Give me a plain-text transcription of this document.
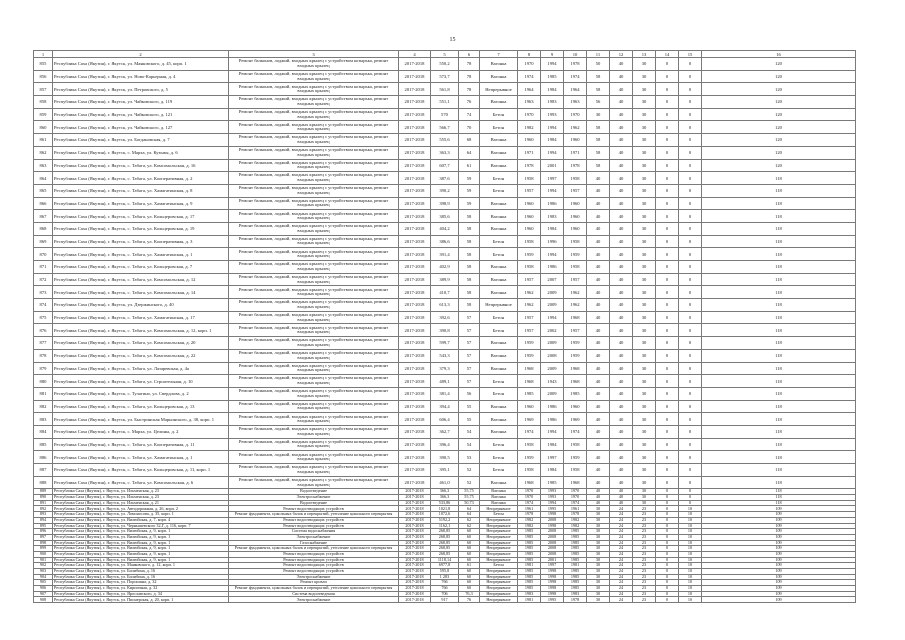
15
1	2	3	4	5	6	7	8	9	10	11	12	13	14	15	16
855	Республика Саха (Якутия), г. Якутск, ул. Маяковского, д. 45, корп. 1	Ремонт балконов, лоджий, входных крылец с устройством козырька, ремонт входных крылец	2017-2018	550,2	78	Вагонка	1970	1994	1978	50	40	30	0	0	120
856	Республика Саха (Якутия), г. Якутск, ул. Ново-Карьерная, д. 4	Ремонт балконов, лоджий, входных крылец с устройством козырька, ремонт входных крылец	2017-2018	573,7	78	Вагонка	1974	1985	1974	58	40	30	0	0	120
857	Республика Саха (Якутия), г. Якутск, ул. Петровского, д. 5	Ремонт балконов, лоджий, входных крылец с устройством козырька, ремонт входных крылец	2017-2018	561,8	78	Непрерывное	1964	1984	1964	58	40	30	0	0	120
858	Республика Саха (Якутия), г. Якутск, ул. Чайковского, д. 119	Ремонт балконов, лоджий, входных крылец с устройством козырька, ремонт входных крылец	2017-2018	551,1	76	Вагонка	1963	1983	1963	56	40	30	0	0	120
859	Республика Саха (Якутия), г. Якутск, ул. Чайковского, д. 121	Ремонт балконов, лоджий, входных крылец с устройством козырька, ремонт входных крылец	2017-2018	570	74	Бетон	1970	1993	1970	30	40	30	0	0	120
860	Республика Саха (Якутия), г. Якутск, ул. Чайковского, д. 127	Ремонт балконов, лоджий, входных крылец с устройством козырька, ремонт входных крылец	2017-2018	566,7	70	Бетон	1982	1994	1962	58	40	30	0	0	120
861	Республика Саха (Якутия), г. Якутск, ул. Богдановская, д. 7	Ремонт балконов, лоджий, входных крылец с устройством козырька, ремонт входных крылец	2017-2018	555,6	68	Вагонка	1960	1984	1960	58	40	30	0	0	120
862	Республика Саха (Якутия), г. Якутск, с. Марха, ул. Кузьмы, д. 6	Ремонт балконов, лоджий, входных крылец с устройством козырька, ремонт входных крылец	2017-2018	363,3	64	Вагонка	1971	1994	1971	58	40	30	0	0	120
863	Республика Саха (Якутия), г. Якутск, с. Табага, ул. Комсомольская, д. 16	Ремонт балконов, лоджий, входных крылец с устройством козырька, ремонт входных крылец	2017-2018	607,7	61	Вагонка	1978	2001	1978	58	40	30	0	0	120
864	Республика Саха (Якутия), г. Якутск, с. Табага, ул. Кооперативная, д. 2	Ремонт балконов, лоджий, входных крылец с устройством козырька, ремонт входных крылец	2017-2018	387,6	59	Бетон	1958	1997	1958	40	40	30	0	0	118
865	Республика Саха (Якутия), г. Якутск, с. Табага, ул. Хамагатинская, д. 8	Ремонт балконов, лоджий, входных крылец с устройством козырька, ремонт входных крылец	2017-2018	390,2	59	Бетон	1957	1994	1957	40	40	30	0	0	118
866	Республика Саха (Якутия), г. Якутск, с. Табага, ул. Хамагатинская, д. 9	Ремонт балконов, лоджий, входных крылец с устройством козырька, ремонт входных крылец	2017-2018	398,9	59	Вагонка	1960	1986	1960	40	40	30	0	0	118
867	Республика Саха (Якутия), г. Якутск, с. Табага, ул. Кольцеровская, д. 17	Ремонт балконов, лоджий, входных крылец с устройством козырька, ремонт входных крылец	2017-2018	385,6	58	Вагонка	1960	1983	1960	40	40	30	0	0	118
868	Республика Саха (Якутия), г. Якутск, с. Табага, ул. Кольцеровская, д. 19	Ремонт балконов, лоджий, входных крылец с устройством козырька, ремонт входных крылец	2017-2018	404,2	58	Вагонка	1960	1984	1960	40	40	30	0	0	118
869	Республика Саха (Якутия), г. Якутск, с. Табага, ул. Кооперативная, д. 3	Ремонт балконов, лоджий, входных крылец с устройством козырька, ремонт входных крылец	2017-2018	386,6	58	Бетон	1958	1996	1958	40	40	30	0	0	118
870	Республика Саха (Якутия), г. Якутск, с. Табага, ул. Хамагатинская, д. 1	Ремонт балконов, лоджий, входных крылец с устройством козырька, ремонт входных крылец	2017-2018	391,4	58	Бетон	1959	1994	1959	40	40	30	0	0	118
871	Республика Саха (Якутия), г. Якутск, с. Табага, ул. Кольцеровская, д. 7	Ремонт балконов, лоджий, входных крылец с устройством козырька, ремонт входных крылец	2017-2018	402,9	58	Вагонка	1958	1986	1958	40	40	30	0	0	118
872	Республика Саха (Якутия), г. Якутск, с. Табага, ул. Комсомольская, д. 12	Ремонт балконов, лоджий, входных крылец с устройством козырька, ремонт входных крылец	2017-2018	389,9	58	Вагонка	1957	2007	1957	40	40	30	0	0	118
873	Республика Саха (Якутия), г. Якутск, с. Табага, ул. Комсомольская, д. 14	Ремонт балконов, лоджий, входных крылец с устройством козырька, ремонт входных крылец	2017-2018	410,7	58	Вагонка	1962	2009	1962	40	40	30	0	0	118
874	Республика Саха (Якутия), г. Якутск, ул. Дзержинского, д. 40	Ремонт балконов, лоджий, входных крылец с устройством козырька, ремонт входных крылец	2017-2018	613,3	58	Непрерывное	1962	2009	1962	40	40	30	0	0	118
875	Республика Саха (Якутия), г. Якутск, с. Табага, ул. Хамагатинская, д. 17	Ремонт балконов, лоджий, входных крылец с устройством козырька, ремонт входных крылец	2017-2018	392,6	57	Бетон	1957	1994	1968	40	40	30	0	0	118
876	Республика Саха (Якутия), г. Якутск, с. Табага, ул. Комсомольская, д. 12, корп. 1	Ремонт балконов, лоджий, входных крылец с устройством козырька, ремонт входных крылец	2017-2018	390,8	57	Бетон	1957	2002	1957	40	40	30	0	0	118
877	Республика Саха (Якутия), г. Якутск, с. Табага, ул. Комсомольская, д. 20	Ремонт балконов, лоджий, входных крылец с устройством козырька, ремонт входных крылец	2017-2018	599,7	57	Вагонка	1959	2009	1959	40	40	30	0	0	118
878	Республика Саха (Якутия), г. Якутск, с. Табага, ул. Комсомольская, д. 22	Ремонт балконов, лоджий, входных крылец с устройством козырька, ремонт входных крылец	2017-2018	543,3	57	Вагонка	1959	2008	1959	40	40	30	0	0	118
879	Республика Саха (Якутия), г. Якутск, с. Табага, ул. Лазаревская, д. 4а	Ремонт балконов, лоджий, входных крылец с устройством козырька, ремонт входных крылец	2017-2018	379,3	57	Вагонка	1968	2009	1968	40	40	30	0	0	118
880	Республика Саха (Якутия), г. Якутск, с. Табага, ул. Строительная, д. 10	Ремонт балконов, лоджий, входных крылец с устройством козырька, ремонт входных крылец	2017-2018	489,1	57	Бетон	1968	1943	1968	40	40	30	0	0	118
881	Республика Саха (Якутия), г. Якутск, с. Тулагино, ул. Свердлова, д. 2	Ремонт балконов, лоджий, входных крылец с устройством козырька, ремонт входных крылец	2017-2018	381,4	56	Бетон	1985	2009	1985	40	40	30	0	0	118
882	Республика Саха (Якутия), г. Якутск, с. Табага, ул. Кольцеровская, д. 13	Ремонт балконов, лоджий, входных крылец с устройством козырька, ремонт входных крылец	2017-2018	394,4	55	Вагонка	1960	1986	1960	40	40	30	0	0	118
883	Республика Саха (Якутия), г. Якутск, ул. Быстринская Марьинского, д. 38, корп. 1	Ремонт балконов, лоджий, входных крылец с устройством козырька, ремонт входных крылец	2017-2018	606,4	55	Вагонка	1969	1986	1969	40	40	30	0	0	118
884	Республика Саха (Якутия), г. Якутск, с. Марха, ул. Целины, д. 2	Ремонт балконов, лоджий, входных крылец с устройством козырька, ремонт входных крылец	2017-2018	362,7	54	Вагонка	1974	1994	1974	40	40	30	0	0	118
885	Республика Саха (Якутия), г. Якутск, с. Табага, ул. Кооперативная, д. 11	Ремонт балконов, лоджий, входных крылец с устройством козырька, ремонт входных крылец	2017-2018	396,4	54	Бетон	1958	1984	1958	40	40	30	0	0	118
886	Республика Саха (Якутия), г. Якутск, с. Табага, ул. Хамагатинская, д. 1	Ремонт балконов, лоджий, входных крылец с устройством козырька, ремонт входных крылец	2017-2018	390,5	53	Бетон	1959	1997	1959	40	40	30	0	0	118
887	Республика Саха (Якутия), г. Якутск, с. Табага, ул. Кольцеровская, д. 11, корп. 1	Ремонт балконов, лоджий, входных крылец с устройством козырька, ремонт входных крылец	2017-2018	395,1	52	Бетон	1958	1984	1958	40	40	30	0	0	118
888	Республика Саха (Якутия), г. Якутск, с. Табага, ул. Комсомольская, д. 6	Ремонт балконов, лоджий, входных крылец с устройством козырька, ремонт входных крылец	2017-2018	461,0	52	Вагонка	1968	1985	1968	40	40	30	0	0	118
889	Республика Саха (Якутия), г. Якутск, ул. Ильменская, д. 23	Водоотведение	2017-2018	366,3	55,75	Вагонка	1970	1993	1970	40	40	30	0	0	118
890	Республика Саха (Якутия), г. Якутск, ул. Ильменская, д. 23	Электроснабжение	2017-2018	366,3	55,75	Вагонка	1970	1993	1970	40	40	30	0	0	118
891	Республика Саха (Якутия), г. Якутск, ул. Ильменская, д. 21	Водоотведение	2017-2018	533,86	50,73	Вагонка	1974	1994	1974	40	40	30	0	0	118
892	Республика Саха (Якутия), г. Якутск, ул. Автодорожная, д. 26, корп. 2	Ремонт водоотводящих устройств	2017-2018	1021,8	64	Непрерывное	1961	1995	1961	30	24	23	0	10	109
893	Республика Саха (Якутия), г. Якутск, ул. Ломоносова, д. 35, корп. 1	Ремонт фундамента, цокольных балок и перекрытий, утепление цокольного перекрытия	2017-2018	1072,6	64	Бетон	1978	1998	1978	30	24	23	0	10	109
894	Республика Саха (Якутия), г. Якутск, ул. Вилюйская, д. 7, корп. 4	Ремонт водоотводящих устройств	2017-2018	5192,2	62	Непрерывное	1982	2008	1982	30	24	23	0	10	109
895	Республика Саха (Якутия), г. Якутск, ул. Чернышевского 32,Г, д. 116, корп. 7	Ремонт водоотводящих устройств	2017-2018	1162,1	62	Непрерывное	1982	1998	1982	30	24	23	0	10	109
896	Республика Саха (Якутия), г. Якутск, ул. Вилюйская, д. 9, корп. 1	Система водоснабжения	2017-2018	268,85	60	Непрерывное	1985	2008	1985	30	24	23	0	10	109
897	Республика Саха (Якутия), г. Якутск, ул. Вилюйская, д. 9, корп. 1	Электроснабжение	2017-2018	268,85	60	Непрерывное	1985	2008	1985	30	24	23	0	10	109
898	Республика Саха (Якутия), г. Якутск, ул. Вилюйская, д. 9, корп. 1	Газоснабжение	2017-2018	268,85	60	Непрерывное	1985	2008	1985	30	24	23	0	10	109
899	Республика Саха (Якутия), г. Якутск, ул. Вилюйская, д. 9, корп. 1	Ремонт фундамента, цокольных балок и перекрытий, утепление цокольного перекрытия	2017-2018	268,85	60	Непрерывное	1985	2008	1985	30	24	23	0	10	109
900	Республика Саха (Якутия), г. Якутск, ул. Вилюйская, д. 9, корп. 1	Ремонт водоотводящих устройств	2017-2018	268,85	60	Непрерывное	1985	2008	1985	30	24	23	0	10	109
901	Республика Саха (Якутия), г. Якутск, ул. Вилюйская, д. 9, корп. 1	Ремонт водоотводящих устройств	2017-2018	1118,14	60	Непрерывное	1985	2001	1985	30	24	23	0	10	109
902	Республика Саха (Якутия), г. Якутск, ул. Маяковского, д. 12, корп. 1	Ремонт водоотводящих устройств	2017-2018	6977,8	61	Бетон	1981	1997	1981	30	24	23	0	10	109
903	Республика Саха (Якутия), г. Якутск, ул. Билибина, д. 16	Ремонт водоотводящих устройств	2017-2018	595,8	60	Непрерывное	1985	1998	1985	30	24	23	0	10	109
904	Республика Саха (Якутия), г. Якутск, ул. Билибина, д. 16	Электроснабжение	2017-2018	1 283	60	Непрерывное	1985	1998	1985	30	24	23	0	10	109
905	Республика Саха (Якутия), г. Якутск, ул. Порошина, д. 32	Ремонт кровли	2017-2018	766	60	Непрерывное	1985	1998	1985	30	24	23	0	10	109
906	Республика Саха (Якутия), г. Якутск, ул. Кирпичная, д. 32	Ремонт фундамента, цокольных балок и перекрытий, утепление цокольного перекрытия	2017-2018	766	60	Непрерывное	1985	1998	1985	30	24	23	0	10	109
907	Республика Саха (Якутия), г. Якутск, ул. Ярославского, д. 34	Система водоотведения	2017-2018	706	76,3	Непрерывное	1983	1998	1983	30	24	23	0	10	109
908	Республика Саха (Якутия), г. Якутск, ул. Пионерская, д. 20, корп. 1	Электроснабжение	2017-2018	917	76	Непрерывное	1981	1995	1978	30	24	23	0	10	109
